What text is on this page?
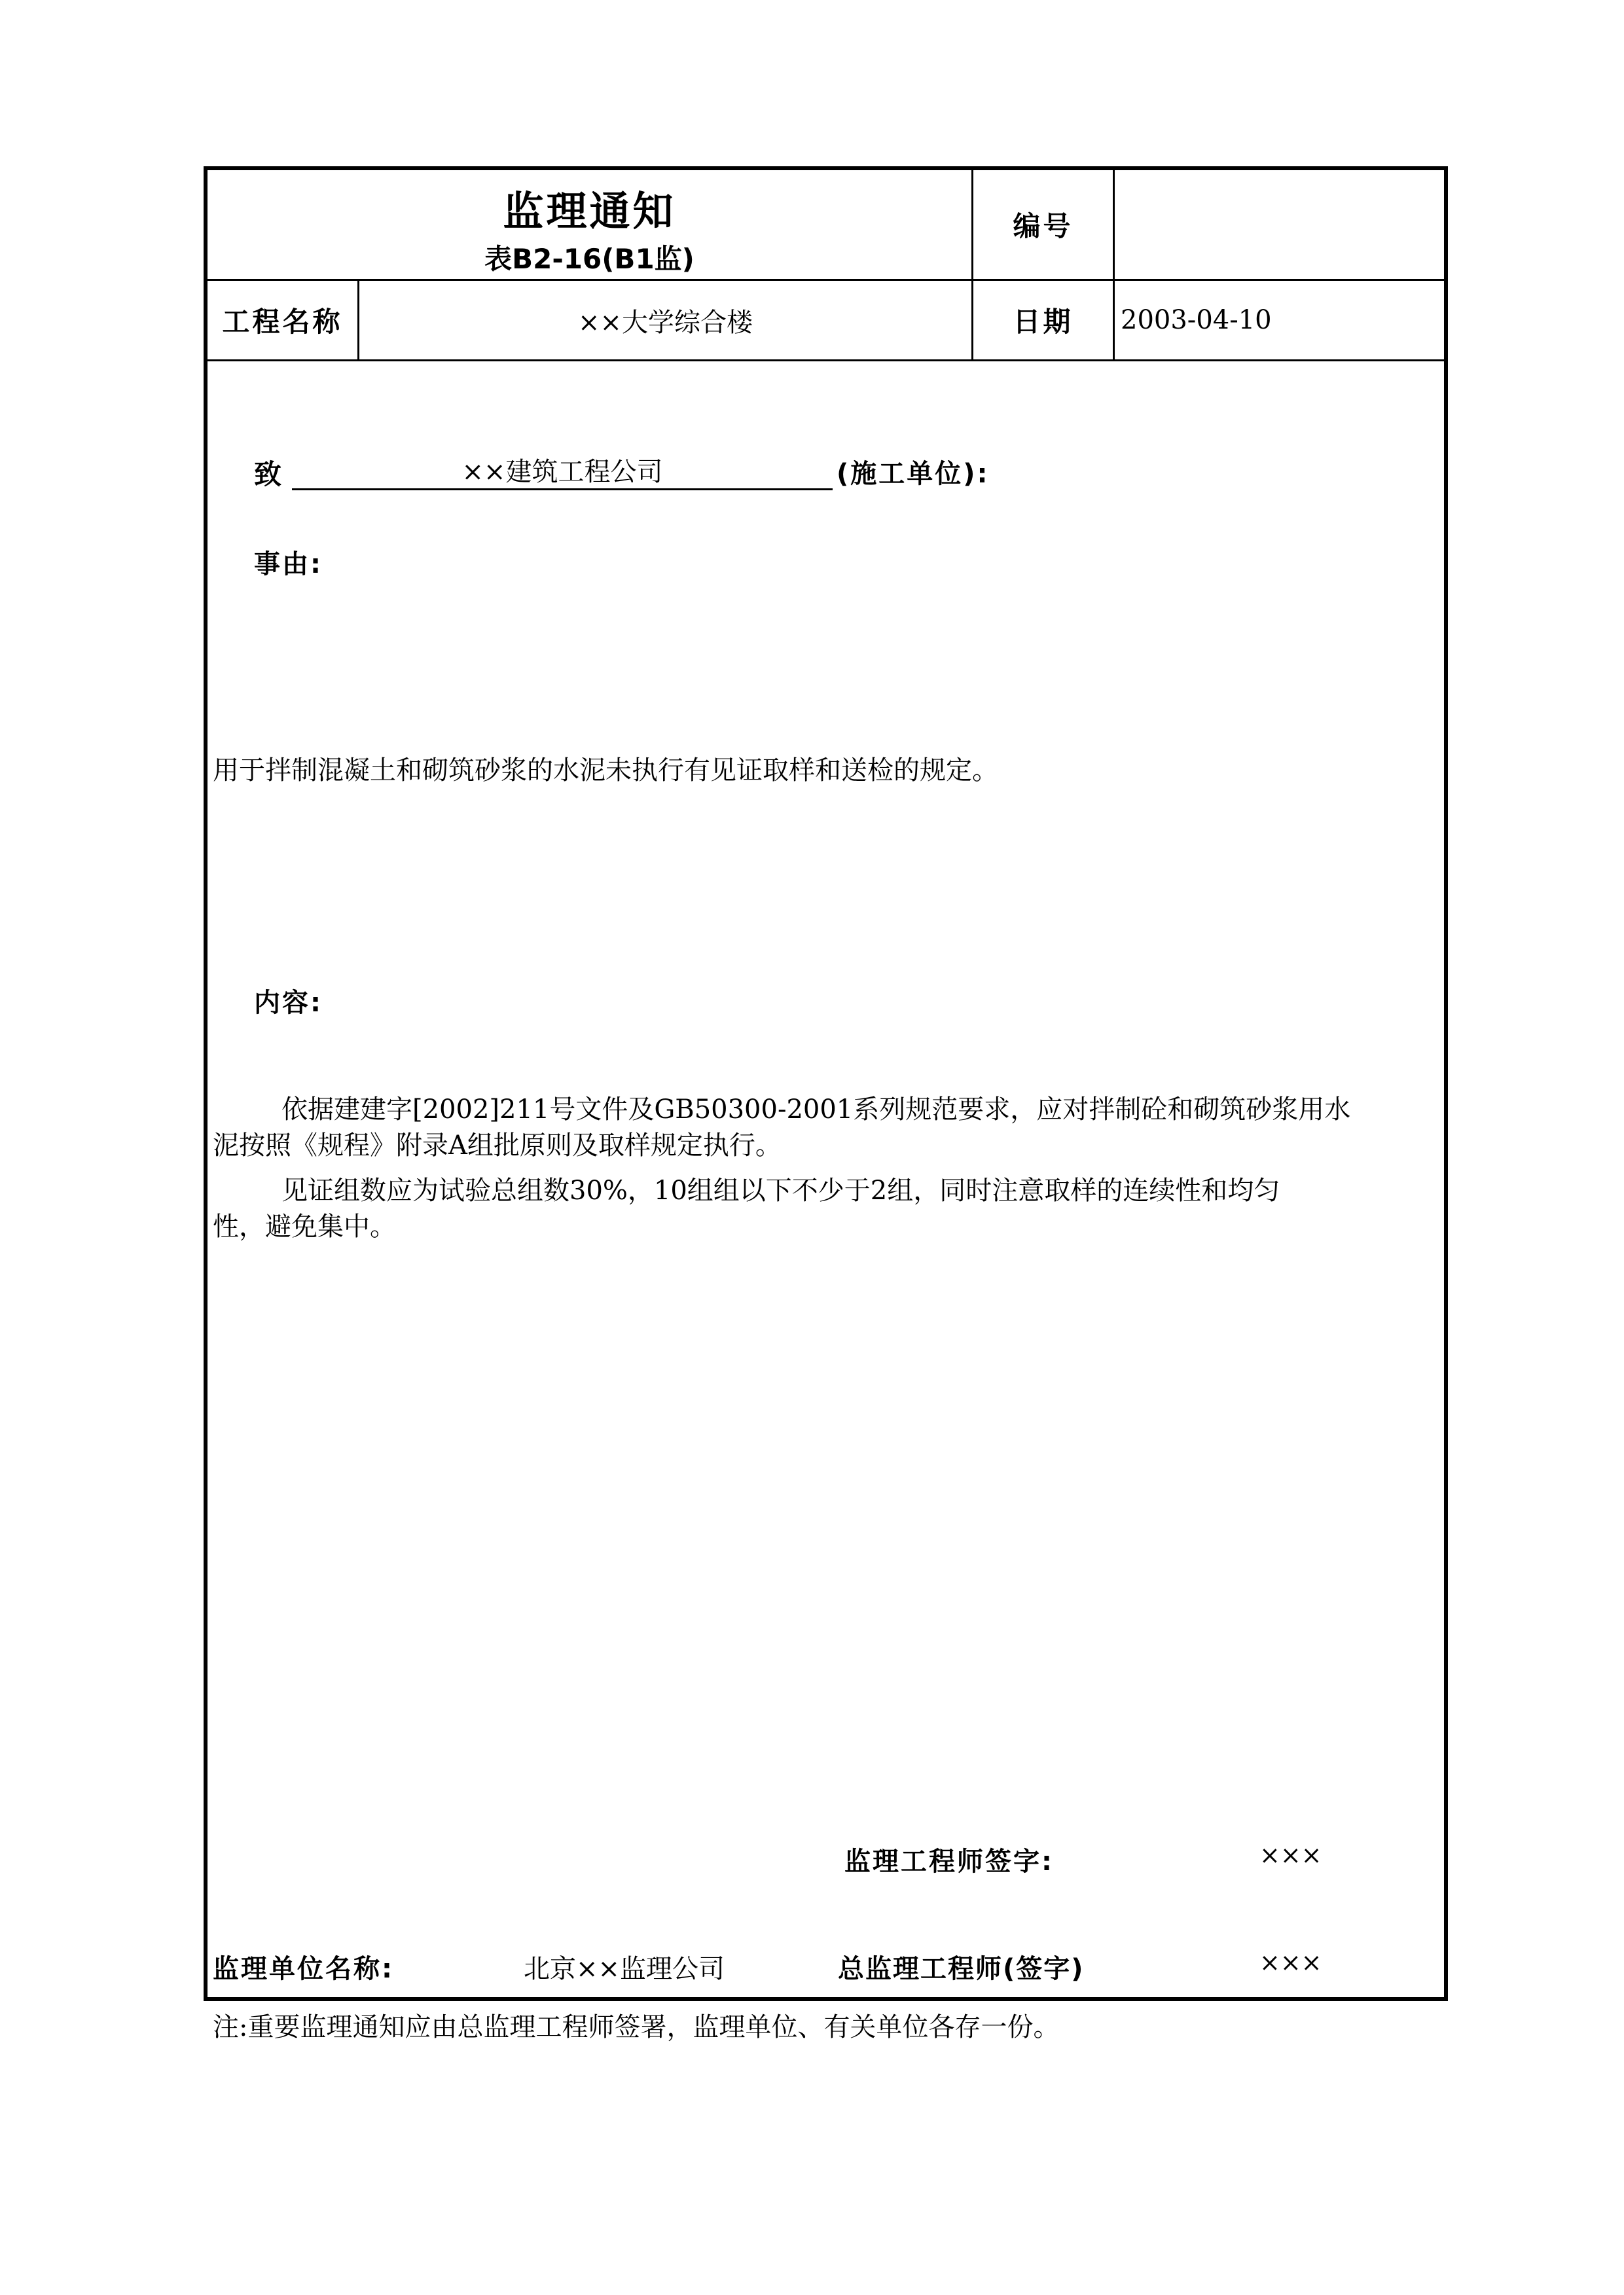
监理通知
表B2-16(B1监)
编号
工程名称	××大学综合楼	日期 2003-04-10
致	××建筑工程公司	(施工单位):
事由:
用于拌制混凝土和砌筑砂浆的水泥未执行有见证取样和送检的规定。
内容:
依据建建字[2002]211号文件及GB50300-2001系列规范要求，应对拌制砼和砌筑砂浆用水
泥按照《规程》附录A组批原则及取样规定执行。
见证组数应为试验总组数30%，10组组以下不少于2组，同时注意取样的连续性和均匀
性，避免集中。
监理工程师签字:	×××
监理单位名称:	北京××监理公司	总监理工程师(签字)	×××
注:重要监理通知应由总监理工程师签署，监理单位、有关单位各存一份。
